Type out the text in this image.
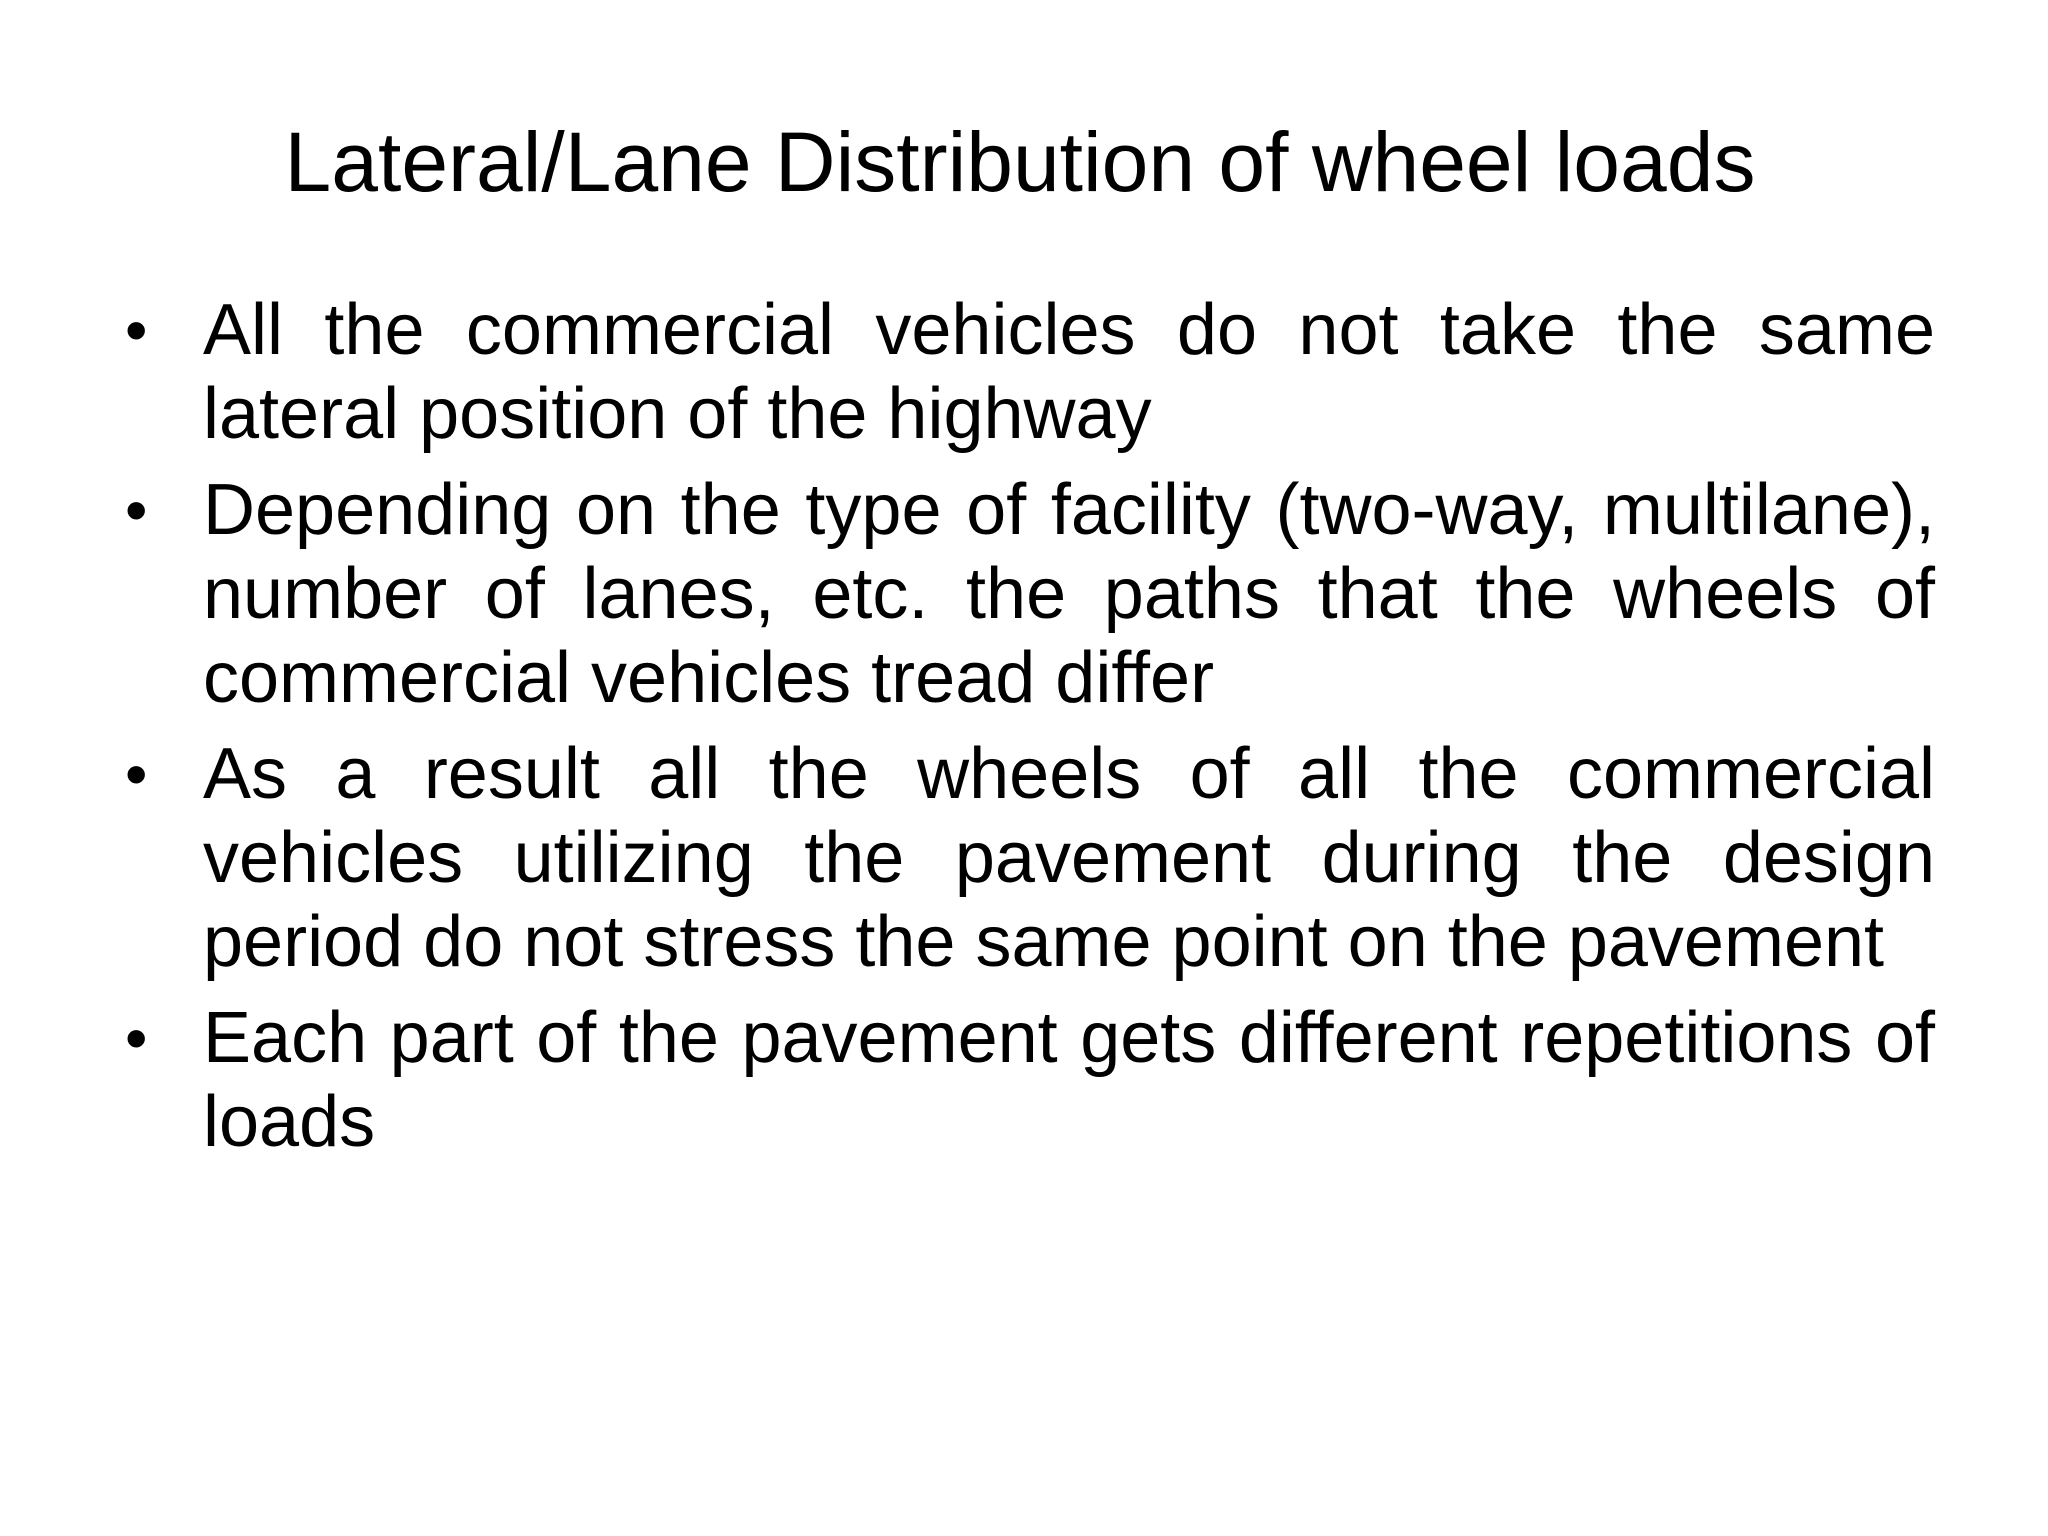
Lateral/Lane Distribution of wheel loads
• All the commercial vehicles do not take the same lateral position of the highway
• Depending on the type of facility (two-way, multilane), number of lanes, etc. the paths that the wheels of commercial vehicles tread differ
• As a result all the wheels of all the commercial vehicles utilizing the pavement during the design period do not stress the same point on the pavement
• Each part of the pavement gets different repetitions of loads
